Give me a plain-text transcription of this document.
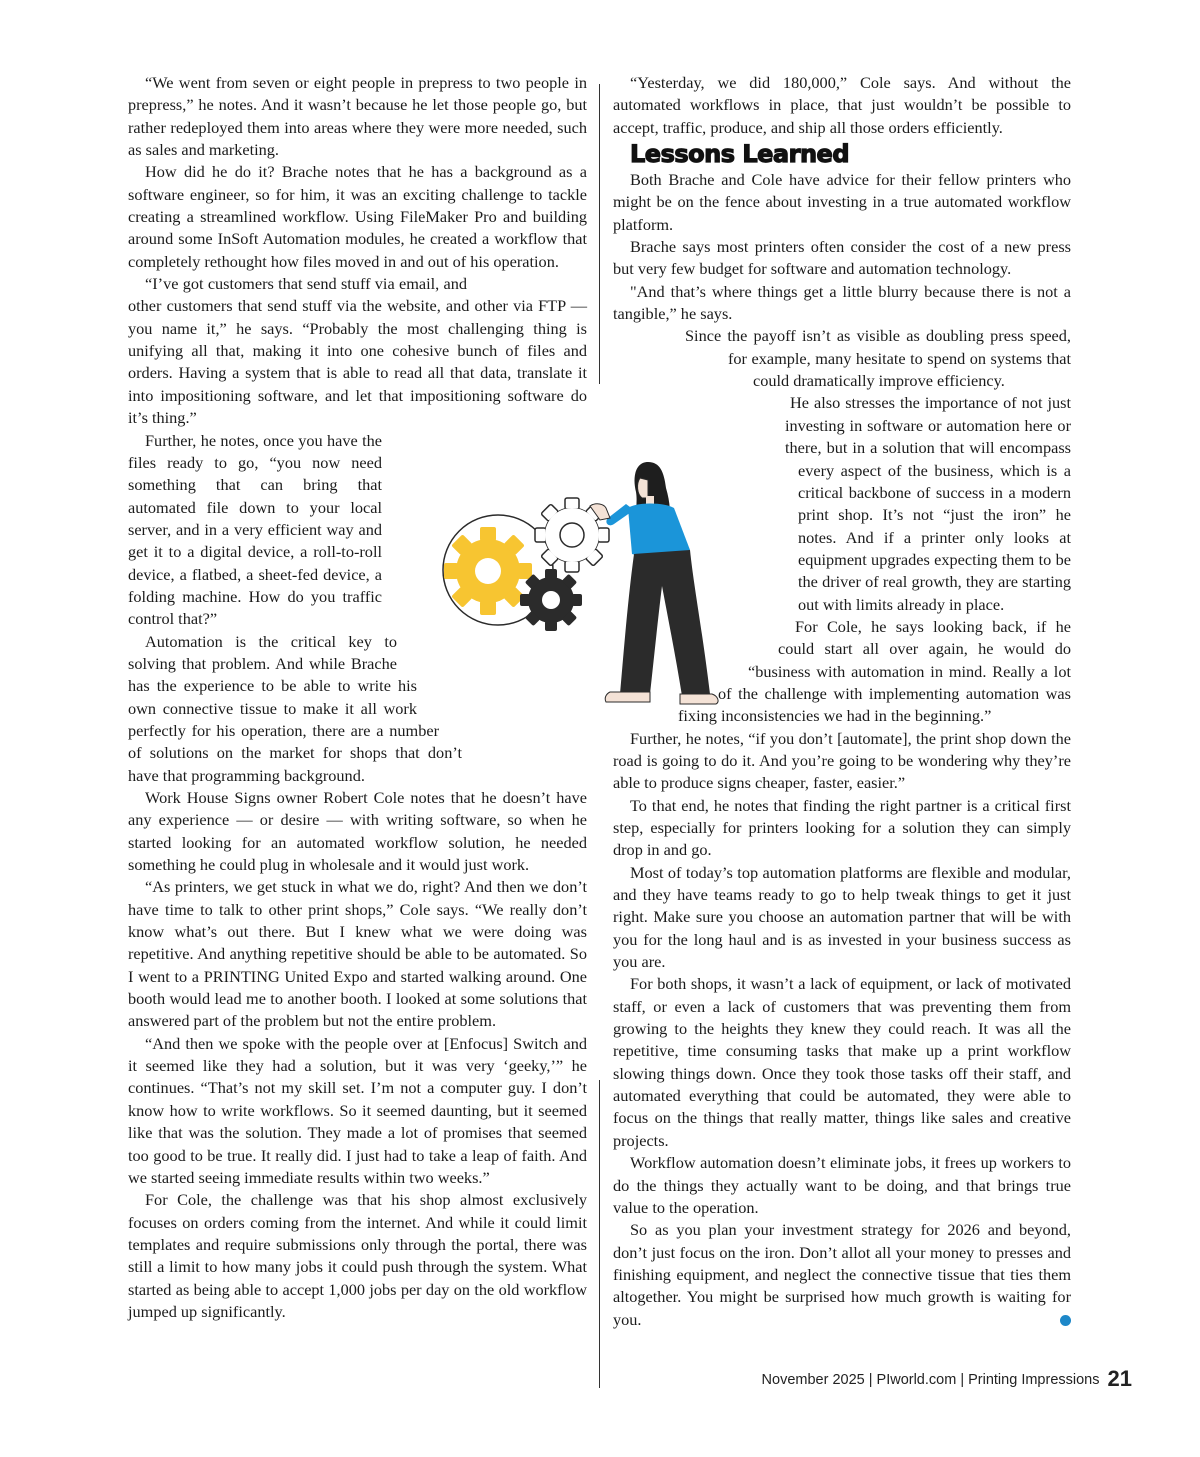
“We went from seven or eight people in prepress to two people in prepress,” he notes. And it wasn’t because he let those people go, but rather redeployed them into areas where they were more needed, such as sales and marketing.

How did he do it? Brache notes that he has a background as a software engineer, so for him, it was an exciting challenge to tackle creating a streamlined workflow. Using FileMaker Pro and building around some InSoft Automation modules, he created a workflow that completely rethought how files moved in and out of his operation.

“I’ve got customers that send stuff via email, and other customers that send stuff via the website, and other via FTP — you name it,” he says. “Probably the most challenging thing is unifying all that, making it into one cohesive bunch of files and orders. Having a system that is able to read all that data, translate it into impositioning software, and let that impositioning software do it’s thing.”

Further, he notes, once you have the files ready to go, “you now need something that can bring that automated file down to your local server, and in a very efficient way and get it to a digital device, a roll-to-roll device, a flatbed, a sheet-fed device, a folding machine. How do you traffic control that?”

Automation is the critical key to solving that problem. And while Brache has the experience to be able to write his own connective tissue to make it all work perfectly for his operation, there are a number of solutions on the market for shops that don’t have that programming background.

Work House Signs owner Robert Cole notes that he doesn’t have any experience — or desire — with writing software, so when he started looking for an automated workflow solution, he needed something he could plug in wholesale and it would just work.

“As printers, we get stuck in what we do, right? And then we don’t have time to talk to other print shops,” Cole says. “We really don’t know what’s out there. But I knew what we were doing was repetitive. And anything repetitive should be able to be automated. So I went to a PRINTING United Expo and started walking around. One booth would lead me to another booth. I looked at some solutions that answered part of the problem but not the entire problem.

“And then we spoke with the people over at [Enfocus] Switch and it seemed like they had a solution, but it was very ‘geeky,’” he continues. “That’s not my skill set. I’m not a computer guy. I don’t know how to write workflows. So it seemed daunting, but it seemed like that was the solution. They made a lot of promises that seemed too good to be true. It really did. I just had to take a leap of faith. And we started seeing immediate results within two weeks.”

For Cole, the challenge was that his shop almost exclusively focuses on orders coming from the internet. And while it could limit templates and require submissions only through the portal, there was still a limit to how many jobs it could push through the system. What started as being able to accept 1,000 jobs per day on the old workflow jumped up significantly.

“Yesterday, we did 180,000,” Cole says. And without the automated workflows in place, that just wouldn’t be possible to accept, traffic, produce, and ship all those orders efficiently.

Lessons Learned

Both Brache and Cole have advice for their fellow printers who might be on the fence about investing in a true automated workflow platform.

Brache says most printers often consider the cost of a new press but very few budget for software and automation technology.

"And that’s where things get a little blurry because there is not a tangible,” he says.

Since the payoff isn’t as visible as doubling press speed, for example, many hesitate to spend on systems that could dramatically improve efficiency.

He also stresses the importance of not just investing in software or automation here or there, but in a solution that will encompass every aspect of the business, which is a critical backbone of success in a modern print shop. It’s not “just the iron” he notes. And if a printer only looks at equipment upgrades expecting them to be the driver of real growth, they are starting out with limits already in place.

For Cole, he says looking back, if he could start all over again, he would do “business with automation in mind. Really a lot of the challenge with implementing automation was fixing inconsistencies we had in the beginning.”

Further, he notes, “if you don’t [automate], the print shop down the road is going to do it. And you’re going to be wondering why they’re able to produce signs cheaper, faster, easier.”

To that end, he notes that finding the right partner is a critical first step, especially for printers looking for a solution they can simply drop in and go.

Most of today’s top automation platforms are flexible and modular, and they have teams ready to go to help tweak things to get it just right. Make sure you choose an automation partner that will be with you for the long haul and is as invested in your business success as you are.

For both shops, it wasn’t a lack of equipment, or lack of motivated staff, or even a lack of customers that was preventing them from growing to the heights they knew they could reach. It was all the repetitive, time consuming tasks that make up a print workflow slowing things down. Once they took those tasks off their staff, and automated everything that could be automated, they were able to focus on the things that really matter, things like sales and creative projects.

Workflow automation doesn’t eliminate jobs, it frees up workers to do the things they actually want to be doing, and that brings true value to the operation.

So as you plan your investment strategy for 2026 and beyond, don’t just focus on the iron. Don’t allot all your money to presses and finishing equipment, and neglect the connective tissue that ties them altogether. You might be surprised how much growth is waiting for you.

November 2025 | PIworld.com | Printing Impressions 21
